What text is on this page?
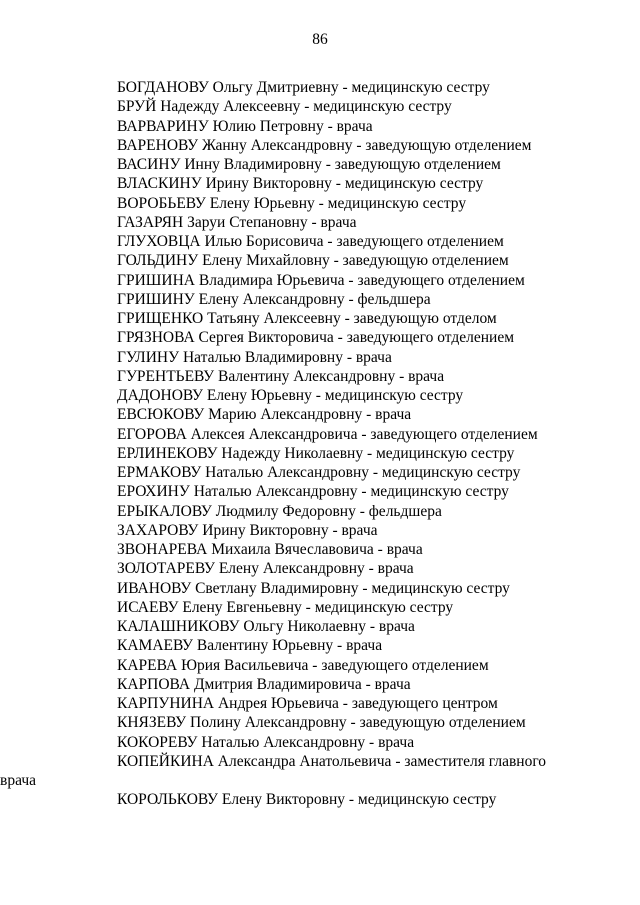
86
БОГДАНОВУ Ольгу Дмитриевну - медицинскую сестру
БРУЙ Надежду Алексеевну - медицинскую сестру
ВАРВАРИНУ Юлию Петровну - врача
ВАРЕНОВУ Жанну Александровну - заведующую отделением
ВАСИНУ Инну Владимировну - заведующую отделением
ВЛАСКИНУ Ирину Викторовну - медицинскую сестру
ВОРОБЬЕВУ Елену Юрьевну - медицинскую сестру
ГАЗАРЯН Заруи Степановну - врача
ГЛУХОВЦА Илью Борисовича - заведующего отделением
ГОЛЬДИНУ Елену Михайловну - заведующую отделением
ГРИШИНА Владимира Юрьевича - заведующего отделением
ГРИШИНУ Елену Александровну - фельдшера
ГРИЩЕНКО Татьяну Алексеевну - заведующую отделом
ГРЯЗНОВА Сергея Викторовича - заведующего отделением
ГУЛИНУ Наталью Владимировну - врача
ГУРЕНТЬЕВУ Валентину Александровну - врача
ДАДОНОВУ Елену Юрьевну - медицинскую сестру
ЕВСЮКОВУ Марию Александровну - врача
ЕГОРОВА Алексея Александровича - заведующего отделением
ЕРЛИНЕКОВУ Надежду Николаевну - медицинскую сестру
ЕРМАКОВУ Наталью Александровну - медицинскую сестру
ЕРОХИНУ Наталью Александровну - медицинскую сестру
ЕРЫКАЛОВУ Людмилу Федоровну - фельдшера
ЗАХАРОВУ Ирину Викторовну - врача
ЗВОНАРЕВА Михаила Вячеславовича - врача
ЗОЛОТАРЕВУ Елену Александровну - врача
ИВАНОВУ Светлану Владимировну - медицинскую сестру
ИСАЕВУ Елену Евгеньевну - медицинскую сестру
КАЛАШНИКОВУ Ольгу Николаевну - врача
КАМАЕВУ Валентину Юрьевну - врача
КАРЕВА Юрия Васильевича - заведующего отделением
КАРПОВА Дмитрия Владимировича - врача
КАРПУНИНА Андрея Юрьевича - заведующего центром
КНЯЗЕВУ Полину Александровну - заведующую отделением
КОКОРЕВУ Наталью Александровну - врача
КОПЕЙКИНА Александра Анатольевича - заместителя главного врача
КОРОЛЬКОВУ Елену Викторовну - медицинскую сестру
